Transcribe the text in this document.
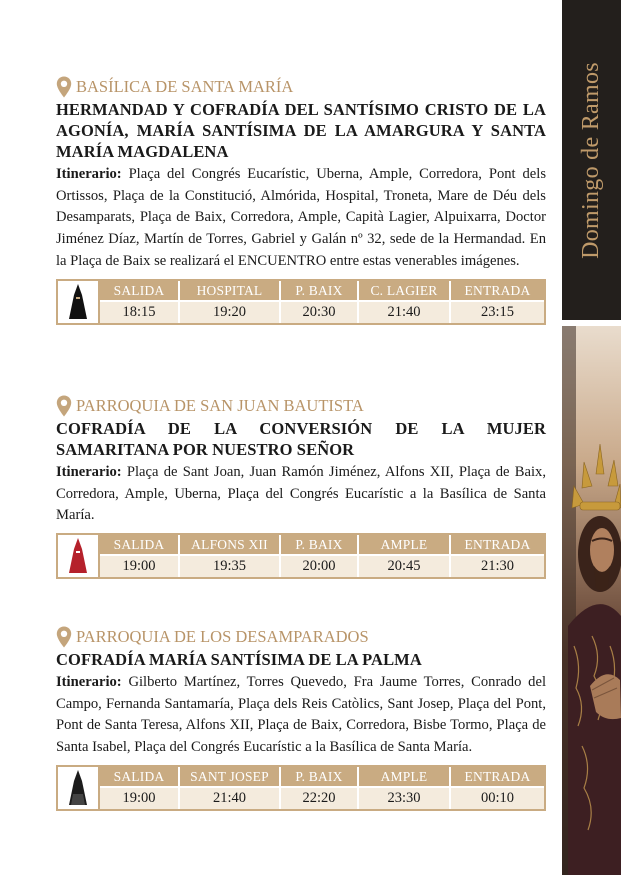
Domingo de Ramos
BASÍLICA DE SANTA MARÍA
HERMANDAD Y COFRADÍA DEL SANTÍSIMO CRISTO DE LA AGONÍA, MARÍA SANTÍSIMA DE LA AMARGURA Y SANTA MARÍA MAGDALENA
Itinerario: Plaça del Congrés Eucarístic, Uberna, Ample, Corredora, Pont dels Ortissos, Plaça de la Constitució, Almórida, Hospital, Troneta, Mare de Déu dels Desamparats, Plaça de Baix, Corredora, Ample, Capità Lagier, Alpuixarra, Doctor Jiménez Díaz, Martín de Torres, Gabriel y Galán nº 32, sede de la Hermandad. En la Plaça de Baix se realizará el ENCUENTRO entre estas venerables imágenes.
SALIDA
18:15
HOSPITAL
19:20
P. BAIX
20:30
C. LAGIER
21:40
ENTRADA
23:15
PARROQUIA DE SAN JUAN BAUTISTA
COFRADÍA DE LA CONVERSIÓN DE LA MUJER SAMARITANA POR NUESTRO SEÑOR
Itinerario: Plaça de Sant Joan, Juan Ramón Jiménez, Alfons XII, Plaça de Baix, Corredora, Ample, Uberna, Plaça del Congrés Eucarístic a la Basílica de Santa María.
SALIDA
19:00
ALFONS XII
19:35
P. BAIX
20:00
AMPLE
20:45
ENTRADA
21:30
PARROQUIA DE LOS DESAMPARADOS
COFRADÍA MARÍA SANTÍSIMA DE LA PALMA
Itinerario: Gilberto Martínez, Torres Quevedo, Fra Jaume Torres, Conrado del Campo, Fernanda Santamaría, Plaça dels Reis Catòlics, Sant Josep, Plaça del Pont, Pont de Santa Teresa, Alfons XII, Plaça de Baix, Corredora, Bisbe Tormo, Plaça de Santa Isabel, Plaça del Congrés Eucarístic a la Basílica de Santa María.
SALIDA
19:00
SANT JOSEP
21:40
P. BAIX
22:20
AMPLE
23:30
ENTRADA
00:10
